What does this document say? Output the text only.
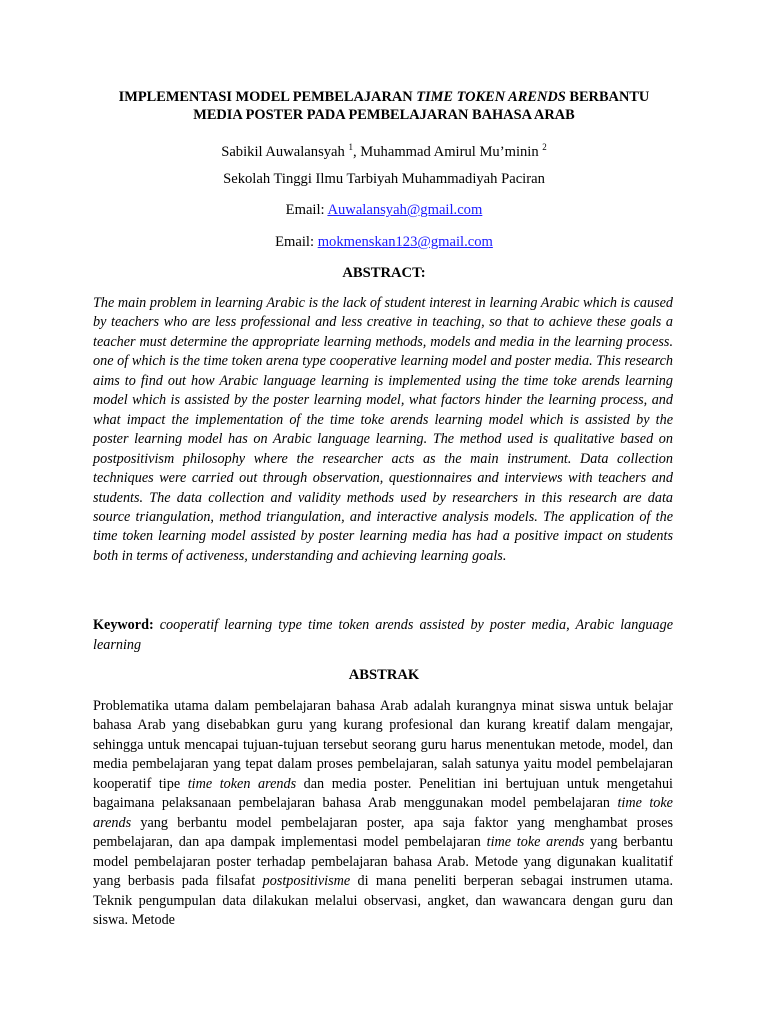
IMPLEMENTASI MODEL PEMBELAJARAN TIME TOKEN ARENDS BERBANTU
MEDIA POSTER PADA PEMBELAJARAN BAHASA ARAB
Sabikil Auwalansyah $^1$, Muhammad Amirul Mu’minin $^2$
Sekolah Tinggi Ilmu Tarbiyah Muhammadiyah Paciran
Email: Auwalansyah@gmail.com
Email: mokmenskan123@gmail.com
ABSTRACT:

The main problem in learning Arabic is the lack of student interest in learning Arabic which is caused by teachers who are less professional and less creative in teaching, so that to achieve these goals a teacher must determine the appropriate learning methods, models and media in the learning process. one of which is the time token arena type cooperative learning model and poster media. This research aims to find out how Arabic language learning is implemented using the time toke arends learning model which is assisted by the poster learning model, what factors hinder the learning process, and what impact the implementation of the time toke arends learning model which is assisted by the poster learning model has on Arabic language learning. The method used is qualitative based on postpositivism philosophy where the researcher acts as the main instrument. Data collection techniques were carried out through observation, questionnaires and interviews with teachers and students. The data collection and validity methods used by researchers in this research are data source triangulation, method triangulation, and interactive analysis models. The application of the time token learning model assisted by poster learning media has had a positive impact on students both in terms of activeness, understanding and achieving learning goals.

Keyword: cooperatif learning type time token arends assisted by poster media, Arabic language learning

ABSTRAK

Problematika utama dalam pembelajaran bahasa Arab adalah kurangnya minat siswa untuk belajar bahasa Arab yang disebabkan guru yang kurang profesional dan kurang kreatif dalam mengajar, sehingga untuk mencapai tujuan-tujuan tersebut seorang guru harus menentukan metode, model, dan media pembelajaran yang tepat dalam proses pembelajaran, salah satunya yaitu model pembelajaran kooperatif tipe time token arends dan media poster. Penelitian ini bertujuan untuk mengetahui bagaimana pelaksanaan pembelajaran bahasa Arab menggunakan model pembelajaran time toke arends yang berbantu model pembelajaran poster, apa saja faktor yang menghambat proses pembelajaran, dan apa dampak implementasi model pembelajaran time toke arends yang berbantu model pembelajaran poster terhadap pembelajaran bahasa Arab. Metode yang digunakan kualitatif yang berbasis pada filsafat postpositivisme di mana peneliti berperan sebagai instrumen utama. Teknik pengumpulan data dilakukan melalui observasi, angket, dan wawancara dengan guru dan siswa. Metode
